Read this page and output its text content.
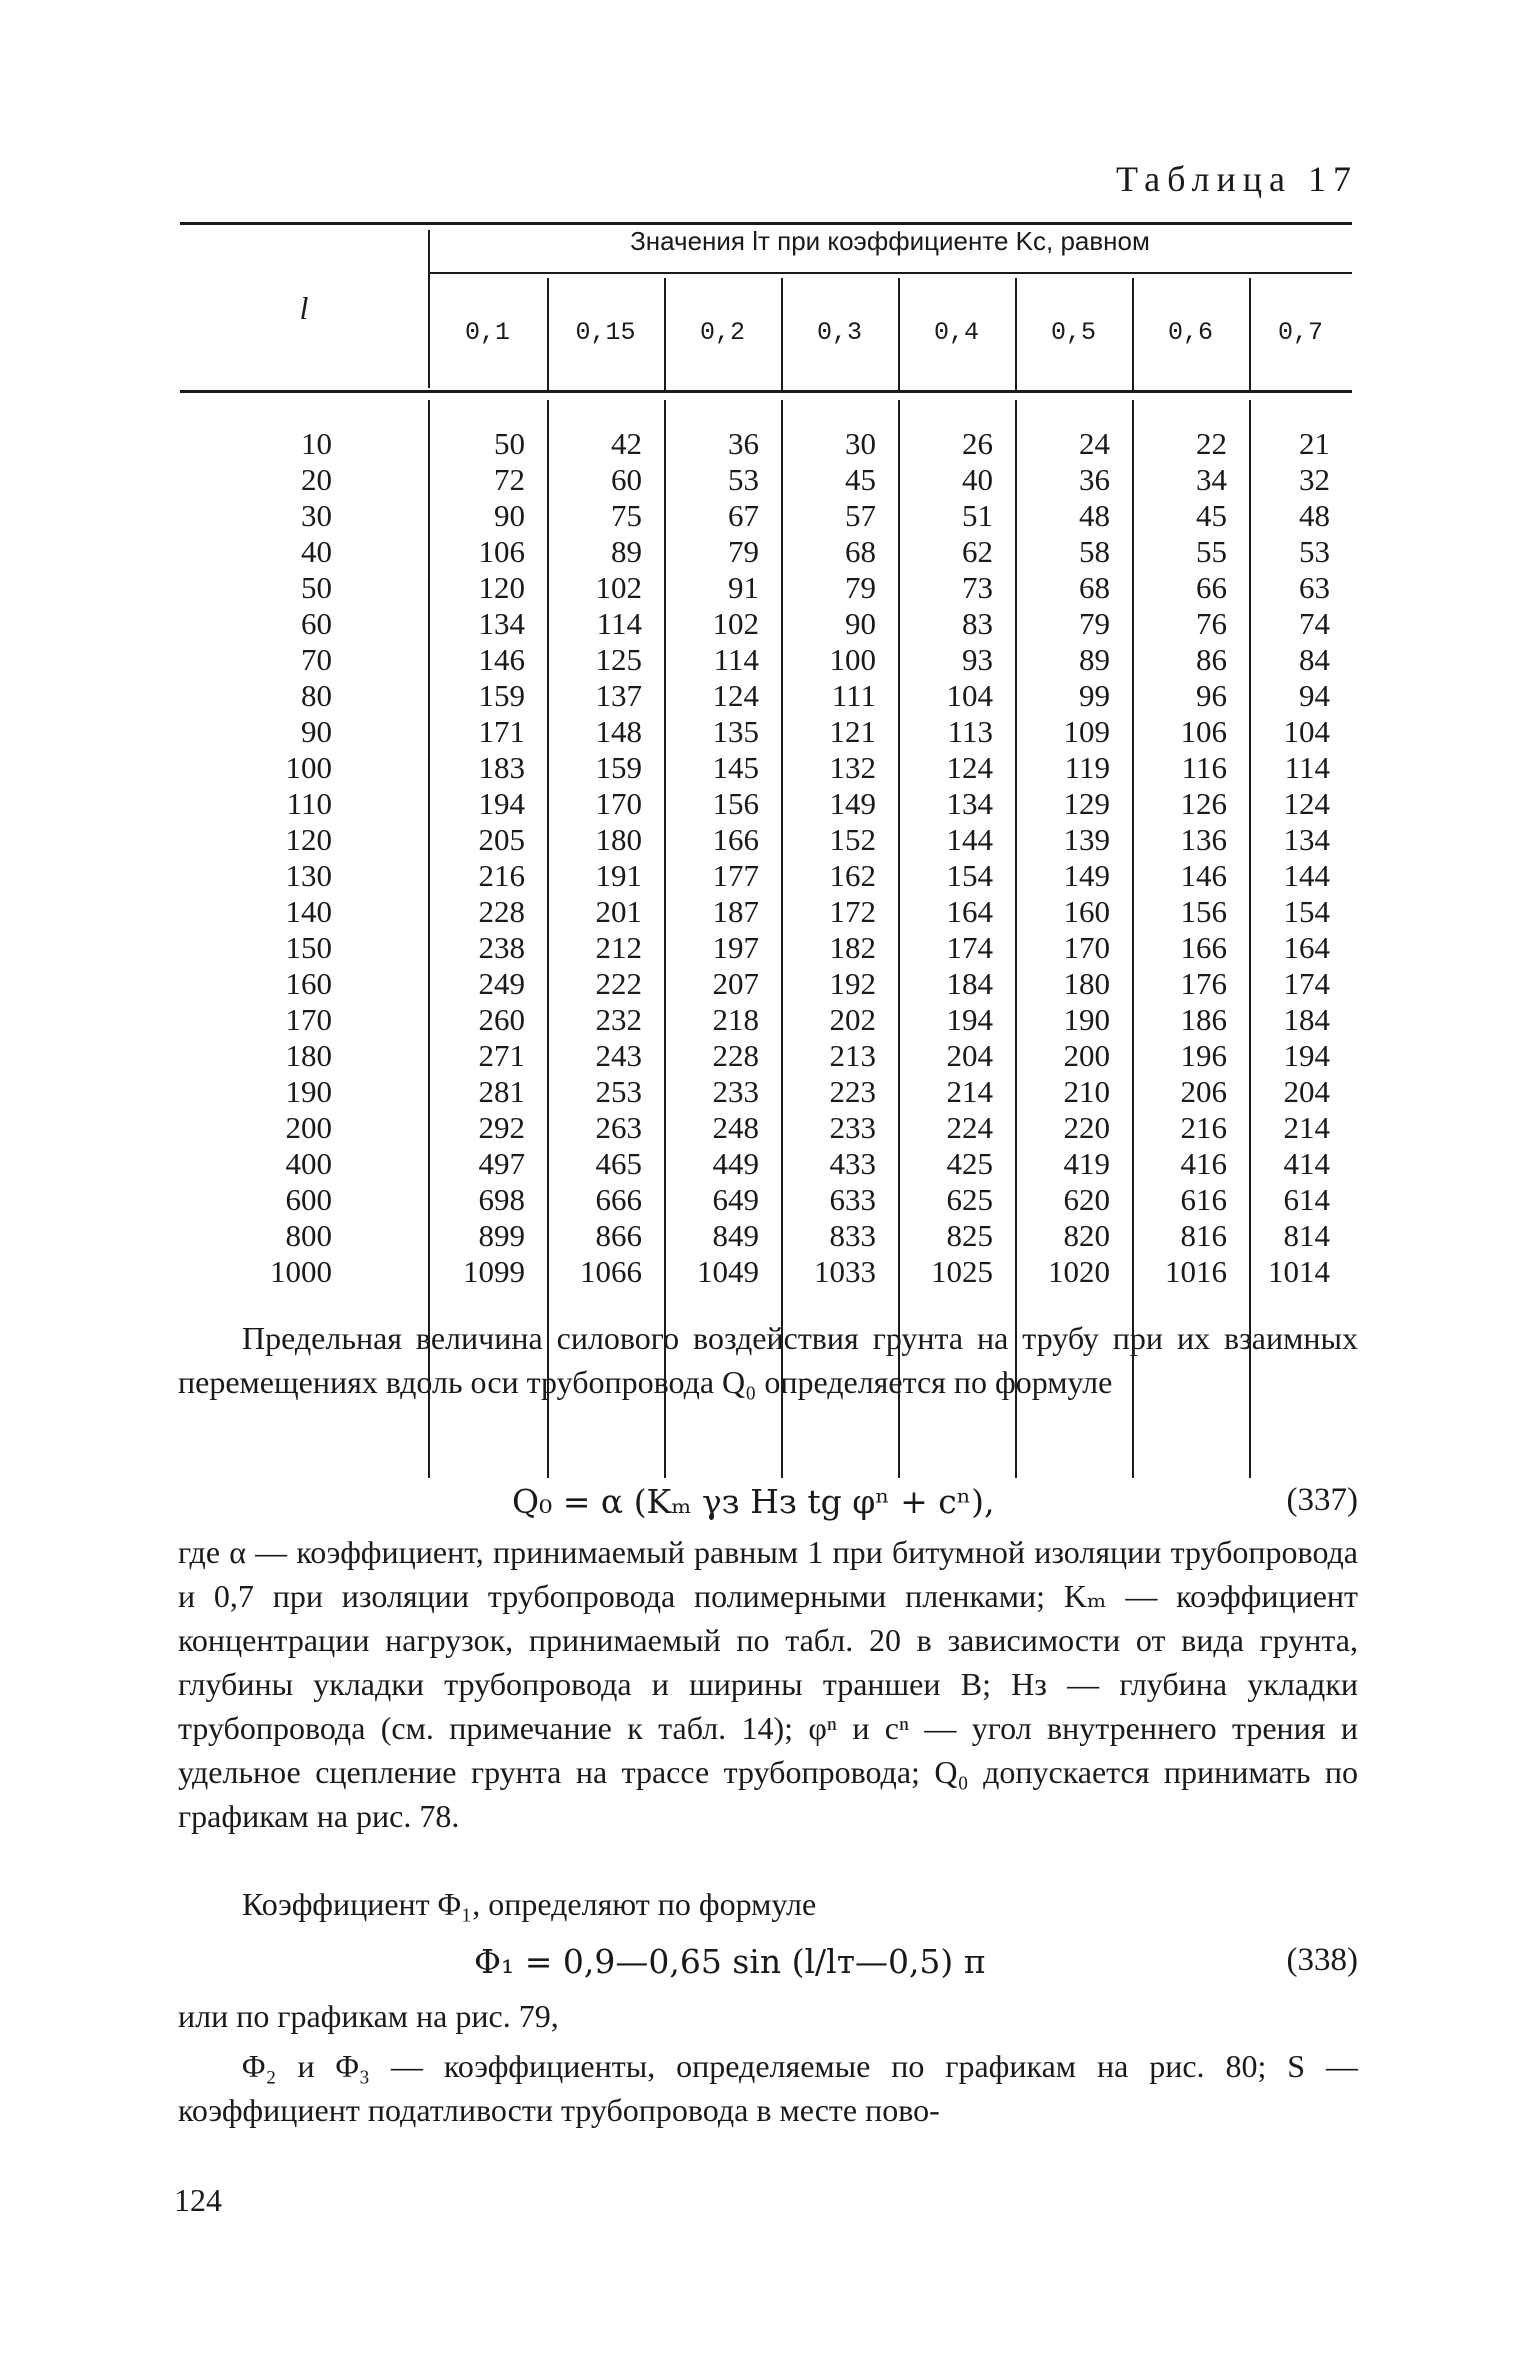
Таблица 17
Значения lт при коэффициенте Kc, равном
l
0,1	0,15	0,2	0,3	0,4	0,5	0,6	0,7
10	50	42	36	30	26	24	22	21
20	72	60	53	45	40	36	34	32
30	90	75	67	57	51	48	45	48
40	106	89	79	68	62	58	55	53
50	120	102	91	79	73	68	66	63
60	134	114	102	90	83	79	76	74
70	146	125	114	100	93	89	86	84
80	159	137	124	111	104	99	96	94
90	171	148	135	121	113	109	106	104
100	183	159	145	132	124	119	116	114
110	194	170	156	149	134	129	126	124
120	205	180	166	152	144	139	136	134
130	216	191	177	162	154	149	146	144
140	228	201	187	172	164	160	156	154
150	238	212	197	182	174	170	166	164
160	249	222	207	192	184	180	176	174
170	260	232	218	202	194	190	186	184
180	271	243	228	213	204	200	196	194
190	281	253	233	223	214	210	206	204
200	292	263	248	233	224	220	216	214
400	497	465	449	433	425	419	416	414
600	698	666	649	633	625	620	616	614
800	899	866	849	833	825	820	816	814
1000	1099	1066	1049	1033	1025	1020	1016	1014

Предельная величина силового воздействия грунта на трубу при их взаимных перемещениях вдоль оси трубопровода Q₀ определяется по формуле

Q₀ = α (Kₘ γз Hз tg φⁿ + cⁿ),	(337)

где α — коэффициент, принимаемый равным 1 при битумной изоляции трубопровода и 0,7 при изоляции трубопровода полимерными пленками; Kₘ — коэффициент концентрации нагрузок, принимаемый по табл. 20 в зависимости от вида грунта, глубины укладки трубопровода и ширины траншеи B; Hз — глубина укладки трубопровода (см. примечание к табл. 14); φⁿ и cⁿ — угол внутреннего трения и удельное сцепление грунта на трассе трубопровода; Q₀ допускается принимать по графикам на рис. 78.

Коэффициент Φ₁, определяют по формуле

Φ₁ = 0,9—0,65 sin (l/lт—0,5) π	(338)

или по графикам на рис. 79,

Φ₂ и Φ₃ — коэффициенты, определяемые по графикам на рис. 80; S — коэффициент податливости трубопровода в месте пово-

124
